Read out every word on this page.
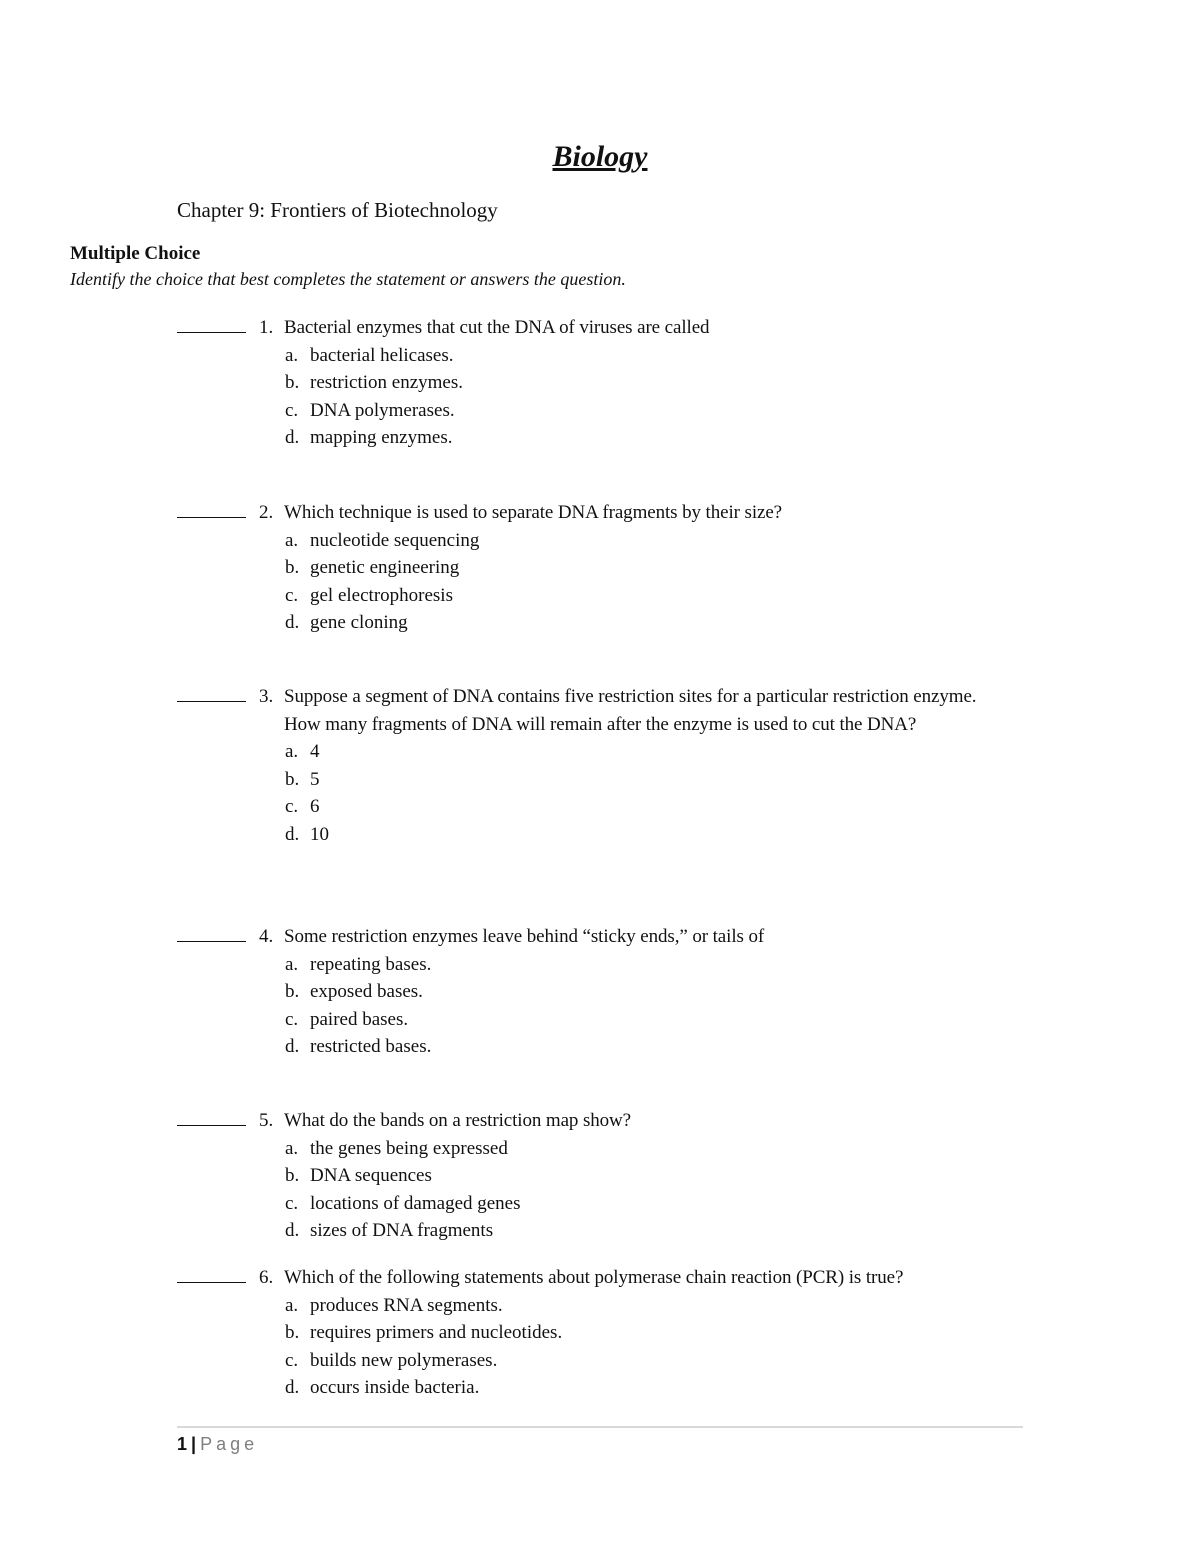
Biology
Chapter 9: Frontiers of Biotechnology
Multiple Choice
Identify the choice that best completes the statement or answers the question.
1. Bacterial enzymes that cut the DNA of viruses are called
a. bacterial helicases.
b. restriction enzymes.
c. DNA polymerases.
d. mapping enzymes.
2. Which technique is used to separate DNA fragments by their size?
a. nucleotide sequencing
b. genetic engineering
c. gel electrophoresis
d. gene cloning
3. Suppose a segment of DNA contains five restriction sites for a particular restriction enzyme. How many fragments of DNA will remain after the enzyme is used to cut the DNA?
a. 4
b. 5
c. 6
d. 10
4. Some restriction enzymes leave behind “sticky ends,” or tails of
a. repeating bases.
b. exposed bases.
c. paired bases.
d. restricted bases.
5. What do the bands on a restriction map show?
a. the genes being expressed
b. DNA sequences
c. locations of damaged genes
d. sizes of DNA fragments
6. Which of the following statements about polymerase chain reaction (PCR) is true?
a. produces RNA segments.
b. requires primers and nucleotides.
c. builds new polymerases.
d. occurs inside bacteria.
1 | Page
